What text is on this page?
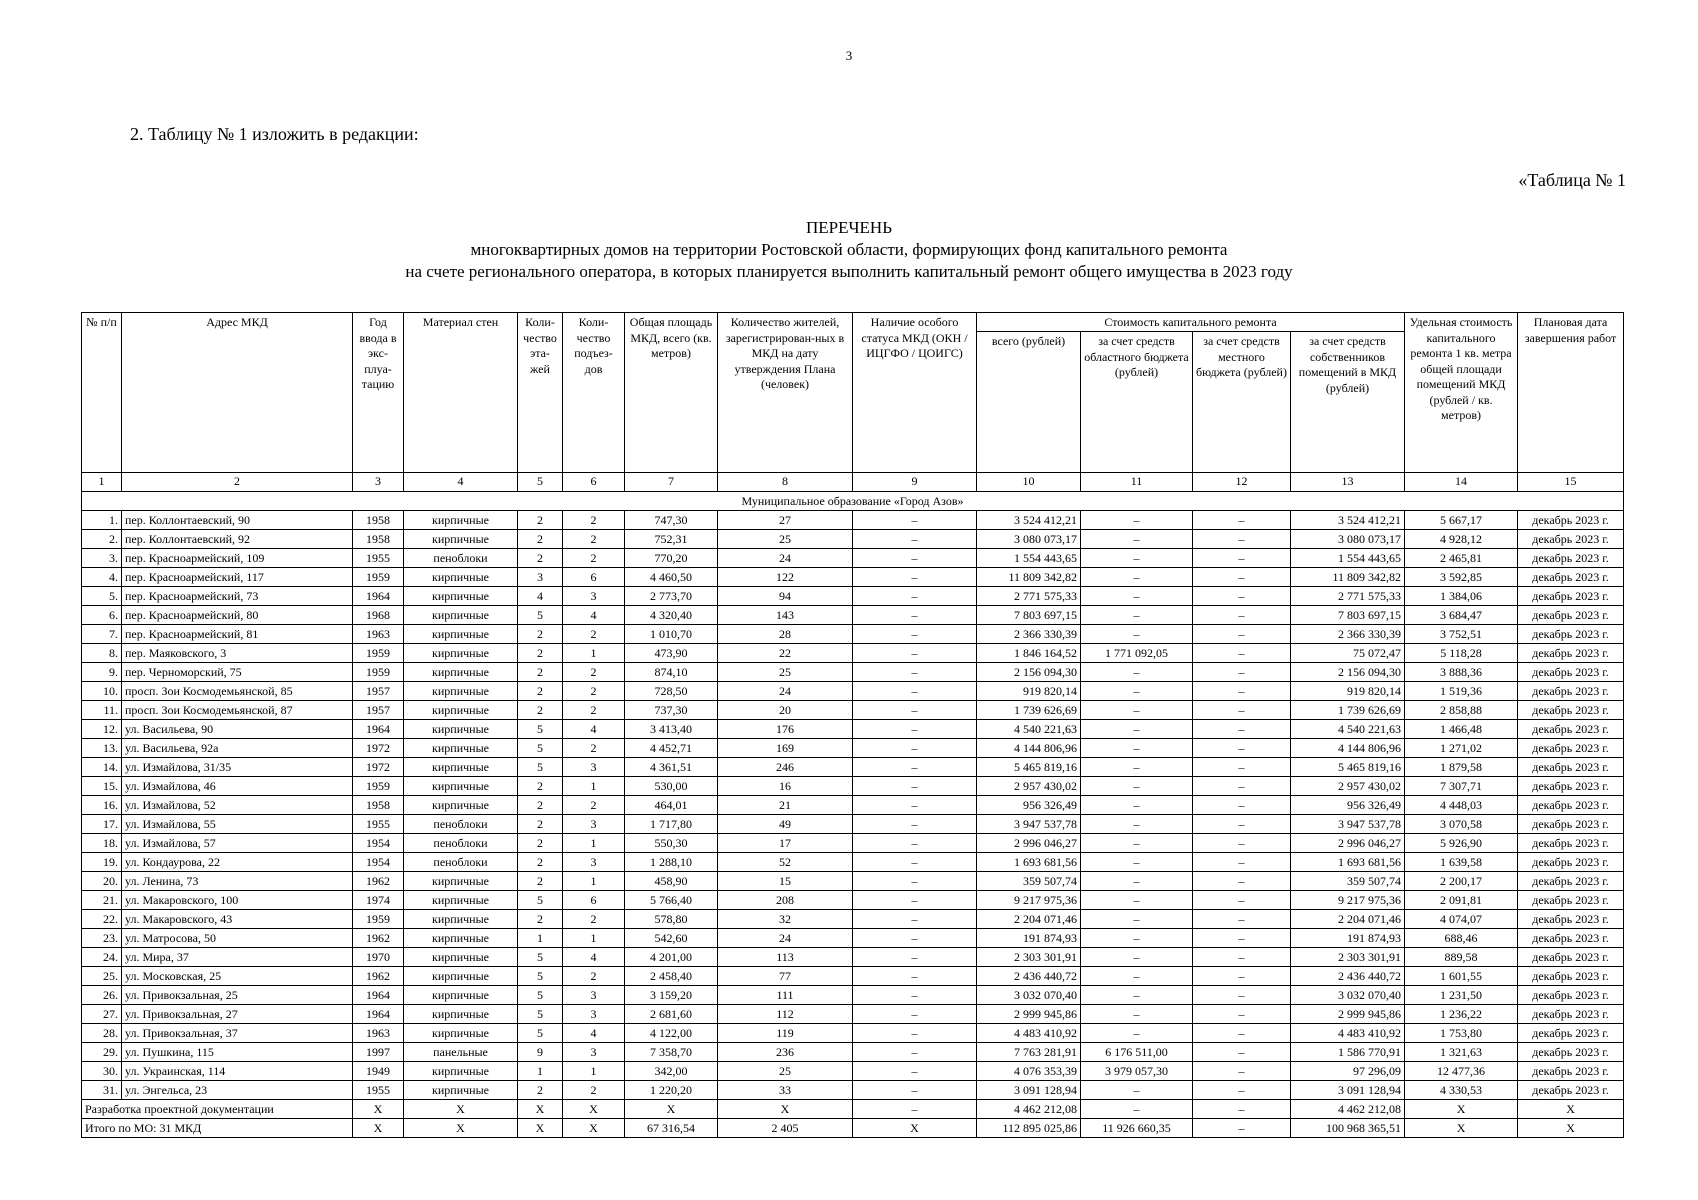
3
2. Таблицу № 1 изложить в редакции:
«Таблица № 1
ПЕРЕЧЕНЬ
многоквартирных домов на территории Ростовской области, формирующих фонд капитального ремонта
на счете регионального оператора, в которых планируется выполнить капитальный ремонт общего имущества в 2023 году
№ п/п	Адрес МКД	Год ввода в экс-плуа-тацию	Материал стен	Коли-чество эта-жей	Коли-чество подъез-дов	Общая площадь МКД, всего (кв. метров)	Количество жителей, зарегистрирован-ных в МКД на дату утверждения Плана (человек)	Наличие особого статуса МКД (ОКН / ИЦГФО / ЦОИГС)	Стоимость капитального ремонта				Удельная стоимость капитального ремонта 1 кв. метра общей площади помещений МКД (рублей / кв. метров)	Плановая дата завершения работ
									всего (рублей)	за счет средств областного бюджета (рублей)	за счет средств местного бюджета (рублей)	за счет средств собственников помещений в МКД (рублей)		
1	2	3	4	5	6	7	8	9	10	11	12	13	14	15
Муниципальное образование «Город Азов»														
1.	пер. Коллонтаевский, 90	1958	кирпичные	2	2	747,30	27	–	3 524 412,21	–	–	3 524 412,21	5 667,17	декабрь 2023 г.
2.	пер. Коллонтаевский, 92	1958	кирпичные	2	2	752,31	25	–	3 080 073,17	–	–	3 080 073,17	4 928,12	декабрь 2023 г.
3.	пер. Красноармейский, 109	1955	пеноблоки	2	2	770,20	24	–	1 554 443,65	–	–	1 554 443,65	2 465,81	декабрь 2023 г.
4.	пер. Красноармейский, 117	1959	кирпичные	3	6	4 460,50	122	–	11 809 342,82	–	–	11 809 342,82	3 592,85	декабрь 2023 г.
5.	пер. Красноармейский, 73	1964	кирпичные	4	3	2 773,70	94	–	2 771 575,33	–	–	2 771 575,33	1 384,06	декабрь 2023 г.
6.	пер. Красноармейский, 80	1968	кирпичные	5	4	4 320,40	143	–	7 803 697,15	–	–	7 803 697,15	3 684,47	декабрь 2023 г.
7.	пер. Красноармейский, 81	1963	кирпичные	2	2	1 010,70	28	–	2 366 330,39	–	–	2 366 330,39	3 752,51	декабрь 2023 г.
8.	пер. Маяковского, 3	1959	кирпичные	2	1	473,90	22	–	1 846 164,52	1 771 092,05	–	75 072,47	5 118,28	декабрь 2023 г.
9.	пер. Черноморский, 75	1959	кирпичные	2	2	874,10	25	–	2 156 094,30	–	–	2 156 094,30	3 888,36	декабрь 2023 г.
10.	просп. Зои Космодемьянской, 85	1957	кирпичные	2	2	728,50	24	–	919 820,14	–	–	919 820,14	1 519,36	декабрь 2023 г.
11.	просп. Зои Космодемьянской, 87	1957	кирпичные	2	2	737,30	20	–	1 739 626,69	–	–	1 739 626,69	2 858,88	декабрь 2023 г.
12.	ул. Васильева, 90	1964	кирпичные	5	4	3 413,40	176	–	4 540 221,63	–	–	4 540 221,63	1 466,48	декабрь 2023 г.
13.	ул. Васильева, 92а	1972	кирпичные	5	2	4 452,71	169	–	4 144 806,96	–	–	4 144 806,96	1 271,02	декабрь 2023 г.
14.	ул. Измайлова, 31/35	1972	кирпичные	5	3	4 361,51	246	–	5 465 819,16	–	–	5 465 819,16	1 879,58	декабрь 2023 г.
15.	ул. Измайлова, 46	1959	кирпичные	2	1	530,00	16	–	2 957 430,02	–	–	2 957 430,02	7 307,71	декабрь 2023 г.
16.	ул. Измайлова, 52	1958	кирпичные	2	2	464,01	21	–	956 326,49	–	–	956 326,49	4 448,03	декабрь 2023 г.
17.	ул. Измайлова, 55	1955	пеноблоки	2	3	1 717,80	49	–	3 947 537,78	–	–	3 947 537,78	3 070,58	декабрь 2023 г.
18.	ул. Измайлова, 57	1954	пеноблоки	2	1	550,30	17	–	2 996 046,27	–	–	2 996 046,27	5 926,90	декабрь 2023 г.
19.	ул. Кондаурова, 22	1954	пеноблоки	2	3	1 288,10	52	–	1 693 681,56	–	–	1 693 681,56	1 639,58	декабрь 2023 г.
20.	ул. Ленина, 73	1962	кирпичные	2	1	458,90	15	–	359 507,74	–	–	359 507,74	2 200,17	декабрь 2023 г.
21.	ул. Макаровского, 100	1974	кирпичные	5	6	5 766,40	208	–	9 217 975,36	–	–	9 217 975,36	2 091,81	декабрь 2023 г.
22.	ул. Макаровского, 43	1959	кирпичные	2	2	578,80	32	–	2 204 071,46	–	–	2 204 071,46	4 074,07	декабрь 2023 г.
23.	ул. Матросова, 50	1962	кирпичные	1	1	542,60	24	–	191 874,93	–	–	191 874,93	688,46	декабрь 2023 г.
24.	ул. Мира, 37	1970	кирпичные	5	4	4 201,00	113	–	2 303 301,91	–	–	2 303 301,91	889,58	декабрь 2023 г.
25.	ул. Московская, 25	1962	кирпичные	5	2	2 458,40	77	–	2 436 440,72	–	–	2 436 440,72	1 601,55	декабрь 2023 г.
26.	ул. Привокзальная, 25	1964	кирпичные	5	3	3 159,20	111	–	3 032 070,40	–	–	3 032 070,40	1 231,50	декабрь 2023 г.
27.	ул. Привокзальная, 27	1964	кирпичные	5	3	2 681,60	112	–	2 999 945,86	–	–	2 999 945,86	1 236,22	декабрь 2023 г.
28.	ул. Привокзальная, 37	1963	кирпичные	5	4	4 122,00	119	–	4 483 410,92	–	–	4 483 410,92	1 753,80	декабрь 2023 г.
29.	ул. Пушкина, 115	1997	панельные	9	3	7 358,70	236	–	7 763 281,91	6 176 511,00	–	1 586 770,91	1 321,63	декабрь 2023 г.
30.	ул. Украинская, 114	1949	кирпичные	1	1	342,00	25	–	4 076 353,39	3 979 057,30	–	97 296,09	12 477,36	декабрь 2023 г.
31.	ул. Энгельса, 23	1955	кирпичные	2	2	1 220,20	33	–	3 091 128,94	–	–	3 091 128,94	4 330,53	декабрь 2023 г.
Разработка проектной документации		Х	Х	Х	Х	Х	Х	–	4 462 212,08	–	–	4 462 212,08	Х	Х
Итого по МО: 31 МКД		Х	Х	Х	Х	67 316,54	2 405	Х	112 895 025,86	11 926 660,35	–	100 968 365,51	Х	Х
